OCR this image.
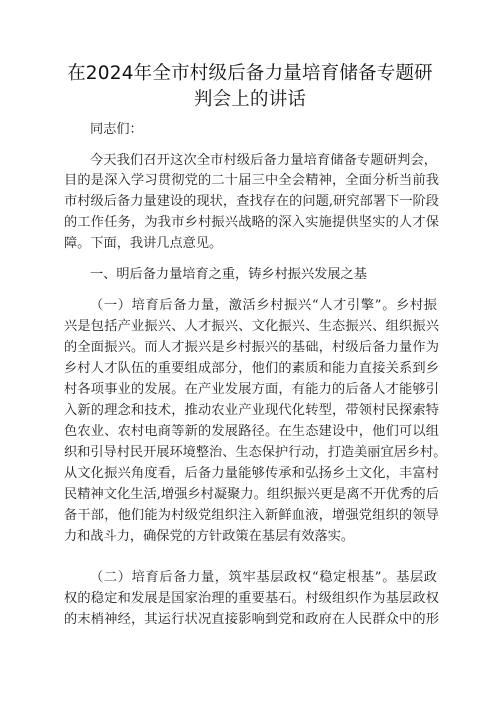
在2024年全市村级后备力量培育储备专题研
判会上的讲话
同志们：
今天我们召开这次全市村级后备力量培育储备专题研判会，
目的是深入学习贯彻党的二十届三中全会精神，全面分析当前我
市村级后备力量建设的现状，查找存在的问题,研究部署下一阶段
的工作任务，为我市乡村振兴战略的深入实施提供坚实的人才保
障。下面，我讲几点意见。
一、明后备力量培育之重，铸乡村振兴发展之基
（一）培育后备力量，激活乡村振兴“人才引擎”。乡村振
兴是包括产业振兴、人才振兴、文化振兴、生态振兴、组织振兴
的全面振兴。而人才振兴是乡村振兴的基础，村级后备力量作为
乡村人才队伍的重要组成部分，他们的素质和能力直接关系到乡
村各项事业的发展。在产业发展方面，有能力的后备人才能够引
入新的理念和技术，推动农业产业现代化转型，带领村民探索特
色农业、农村电商等新的发展路径。在生态建设中，他们可以组
织和引导村民开展环境整治、生态保护行动，打造美丽宜居乡村。
从文化振兴角度看，后备力量能够传承和弘扬乡土文化，丰富村
民精神文化生活,增强乡村凝聚力。组织振兴更是离不开优秀的后
备干部，他们能为村级党组织注入新鲜血液，增强党组织的领导
力和战斗力，确保党的方针政策在基层有效落实。
（二）培育后备力量，筑牢基层政权“稳定根基”。基层政
权的稳定和发展是国家治理的重要基石。村级组织作为基层政权
的末梢神经，其运行状况直接影响到党和政府在人民群众中的形
